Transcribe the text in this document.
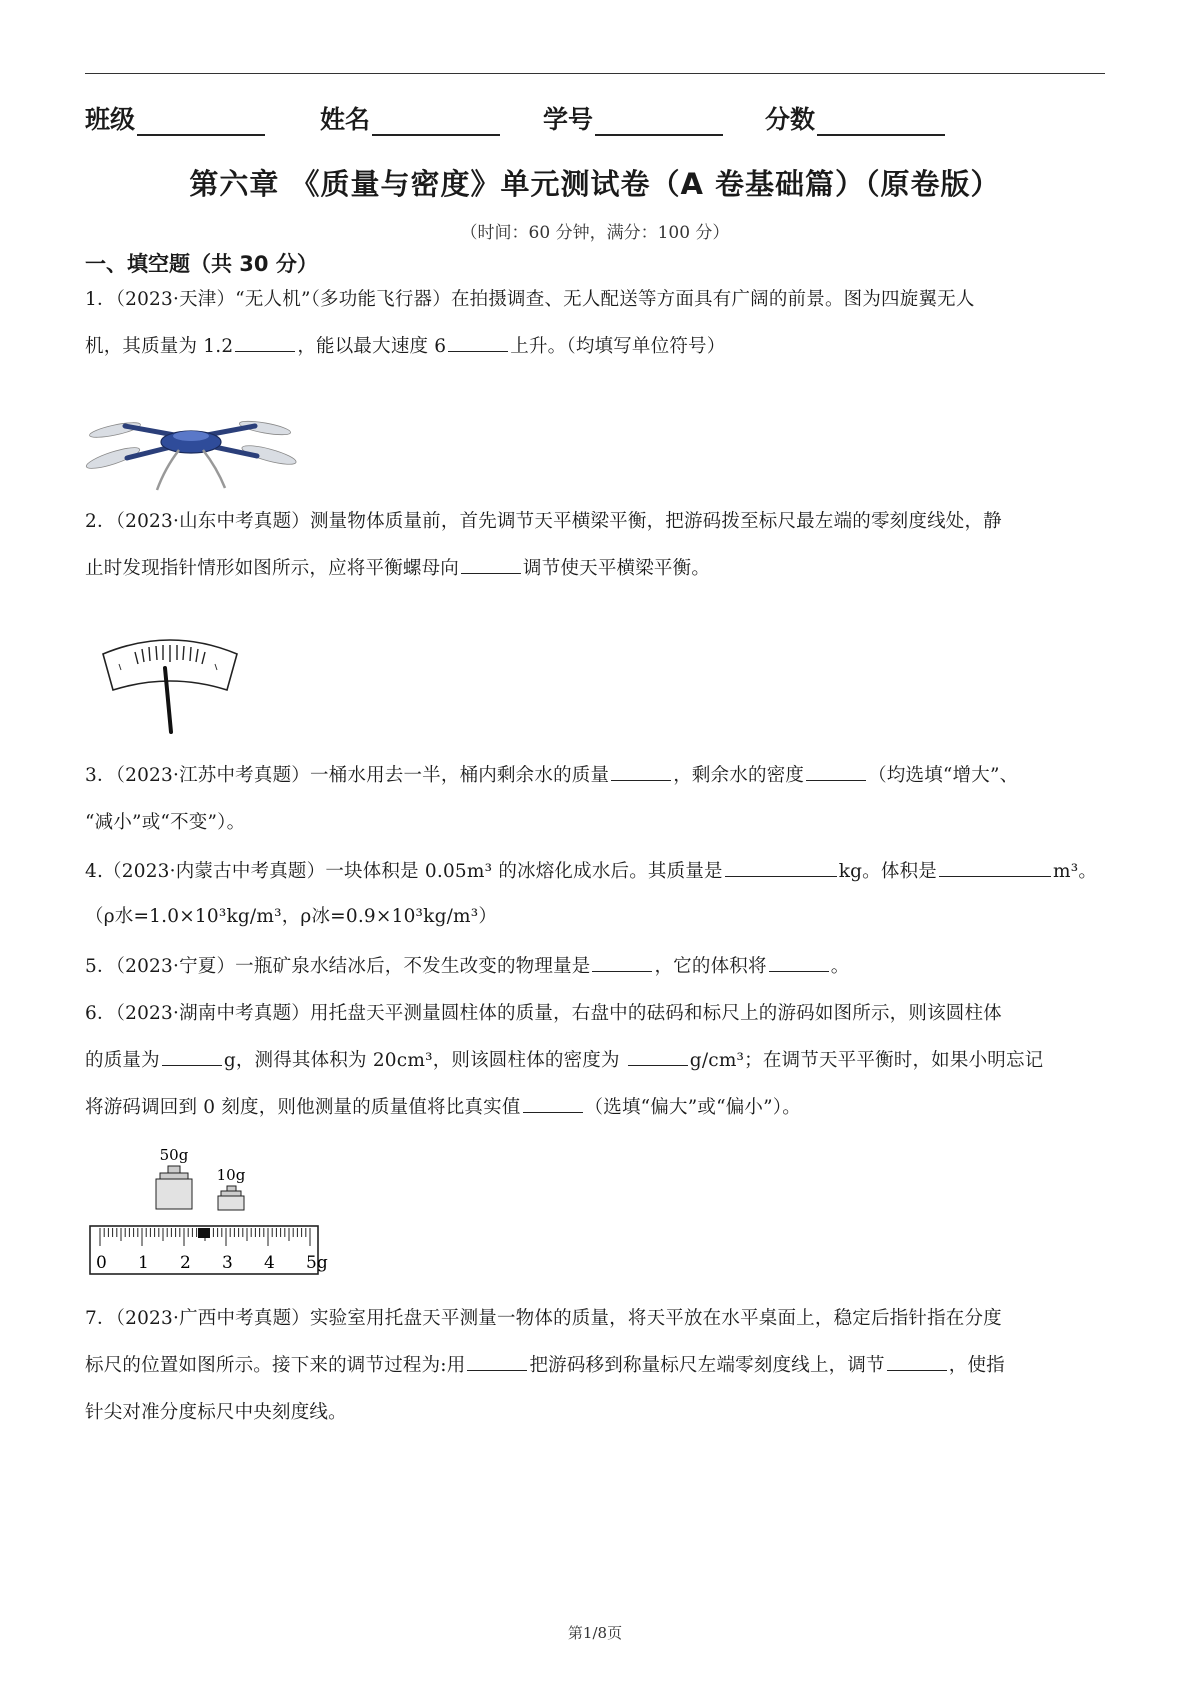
班级	姓名	学号	分数
第六章 《质量与密度》单元测试卷（A 卷基础篇）（原卷版）
（时间：60 分钟，满分：100 分）
一、填空题（共 30 分）
1．（2023·天津）“无人机”（多功能飞行器）在拍摄调查、无人配送等方面具有广阔的前景。图为四旋翼无人
机，其质量为 1.2	，能以最大速度 6	上升。（均填写单位符号）
2．（2023·山东中考真题）测量物体质量前，首先调节天平横梁平衡，把游码拨至标尺最左端的零刻度线处，静
止时发现指针情形如图所示，应将平衡螺母向	调节使天平横梁平衡。
3．（2023·江苏中考真题）一桶水用去一半，桶内剩余水的质量	，剩余水的密度	（均选填“增大”、
“减小”或“不变”）。
4.（2023·内蒙古中考真题）一块体积是 0.05m³ 的冰熔化成水后。其质量是	kg。体积是	m³。
（ρ水=1.0×10³kg/m³，ρ冰=0.9×10³kg/m³）
5．（2023·宁夏）一瓶矿泉水结冰后，不发生改变的物理量是	，它的体积将	。
6．（2023·湖南中考真题）用托盘天平测量圆柱体的质量，右盘中的砝码和标尺上的游码如图所示，则该圆柱体
的质量为	g，测得其体积为 20cm³，则该圆柱体的密度为	g/cm³；在调节天平平衡时，如果小明忘记
将游码调回到 0 刻度，则他测量的质量值将比真实值	（选填“偏大”或“偏小”）。
50g
10g
0 1 2 3 4 5g
7．（2023·广西中考真题）实验室用托盘天平测量一物体的质量，将天平放在水平桌面上，稳定后指针指在分度
标尺的位置如图所示。接下来的调节过程为:用	把游码移到称量标尺左端零刻度线上，调节	，使指
针尖对准分度标尺中央刻度线。
第1/8页
